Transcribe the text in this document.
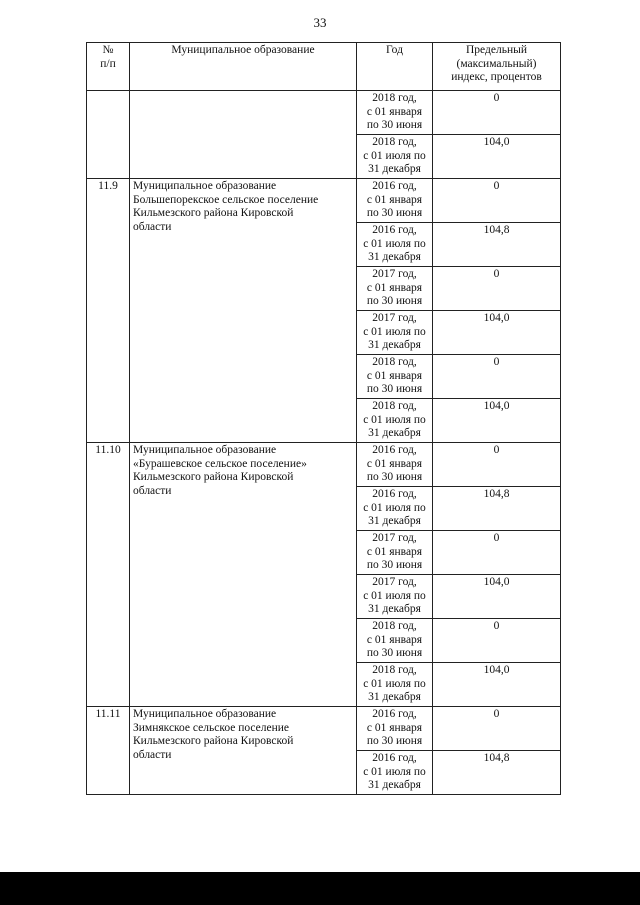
33
№
п/п	Муниципальное образование	Год	Предельный
(максимальный)
индекс, процентов

		2018 год,
с 01 января
по 30 июня	0

		2018 год,
с 01 июля по
31 декабря	104,0
11.9	Муниципальное образование
Большепорекское сельское поселение
Кильмезского района Кировской
области	2016 год,
с 01 января
по 30 июня	0

		2016 год,
с 01 июля по
31 декабря	104,8

		2017 год,
с 01 января
по 30 июня	0

		2017 год,
с 01 июля по
31 декабря	104,0

		2018 год,
с 01 января
по 30 июня	0

		2018 год,
с 01 июля по
31 декабря	104,0
11.10	Муниципальное образование
«Бурашевское сельское поселение»
Кильмезского района Кировской
области	2016 год,
с 01 января
по 30 июня	0

		2016 год,
с 01 июля по
31 декабря	104,8

		2017 год,
с 01 января
по 30 июня	0

		2017 год,
с 01 июля по
31 декабря	104,0

		2018 год,
с 01 января
по 30 июня	0

		2018 год,
с 01 июля по
31 декабря	104,0
11.11	Муниципальное образование
Зимнякское сельское поселение
Кильмезского района Кировской
области	2016 год,
с 01 января
по 30 июня	0

		2016 год,
с 01 июля по
31 декабря	104,8
